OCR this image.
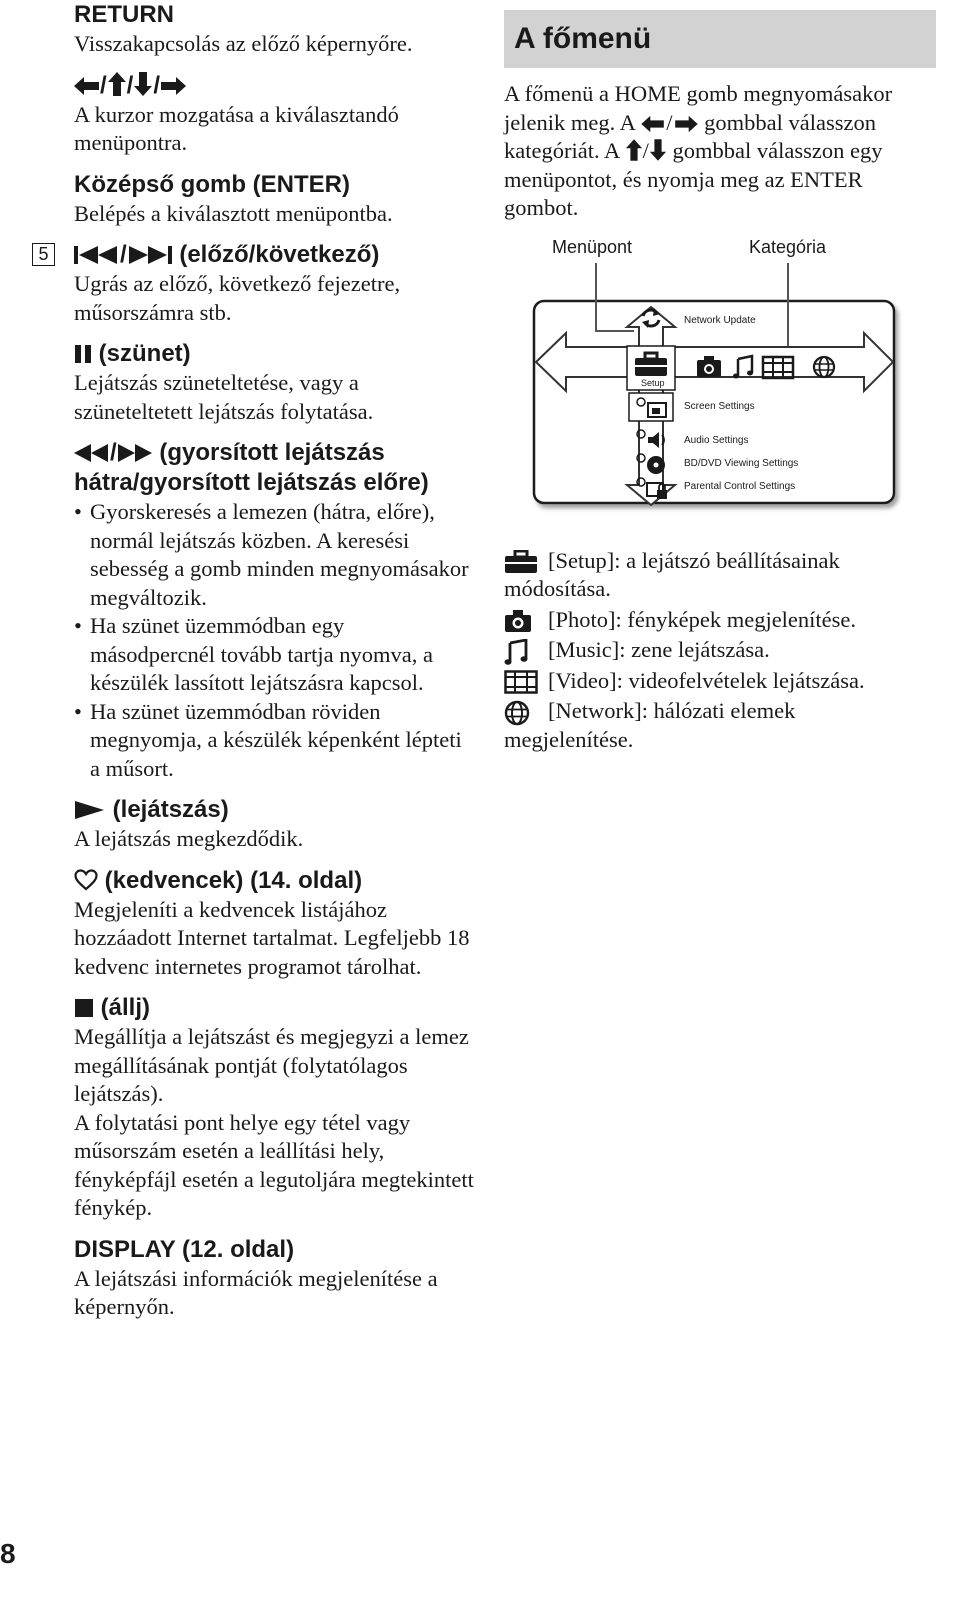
RETURN
Visszakapcsolás az előző képernyőre.
/ / /
A kurzor mozgatása a kiválasztandó menüpontra.
Középső gomb (ENTER)
Belépés a kiválasztott menüpontba.
5	/ (előző/következő)
Ugrás az előző, következő fejezetre, műsorszámra stb.
(szünet)
Lejátszás szüneteltetése, vagy a szüneteltetett lejátszás folytatása.
/ (gyorsított lejátszás hátra/gyorsított lejátszás előre)
• Gyorskeresés a lemezen (hátra, előre), normál lejátszás közben. A keresési sebesség a gomb minden megnyomásakor megváltozik.
• Ha szünet üzemmódban egy másodpercnél tovább tartja nyomva, a készülék lassított lejátszásra kapcsol.
• Ha szünet üzemmódban röviden megnyomja, a készülék képenként lépteti a műsort.
(lejátszás)
A lejátszás megkezdődik.
(kedvencek) (14. oldal)
Megjeleníti a kedvencek listájához hozzáadott Internet tartalmat. Legfeljebb 18 kedvenc internetes programot tárolhat.
(állj)
Megállítja a lejátszást és megjegyzi a lemez megállításának pontját (folytatólagos lejátszás).
A folytatási pont helye egy tétel vagy műsorszám esetén a leállítási hely, fényképfájl esetén a legutoljára megtekintett fénykép.
DISPLAY (12. oldal)
A lejátszási információk megjelenítése a képernyőn.
A főmenü
A főmenü a HOME gomb megnyomásakor jelenik meg. A / gombbal válasszon kategóriát. A / gombbal válasszon egy menüpontot, és nyomja meg az ENTER gombot.
Menüpont	Kategória
Network Update
Setup
Screen Settings
Audio Settings
BD/DVD Viewing Settings
Parental Control Settings
[Setup]: a lejátszó beállításainak
módosítása.
[Photo]: fényképek megjelenítése.
[Music]: zene lejátszása.
[Video]: videofelvételek lejátszása.
[Network]: hálózati elemek
megjelenítése.
8
